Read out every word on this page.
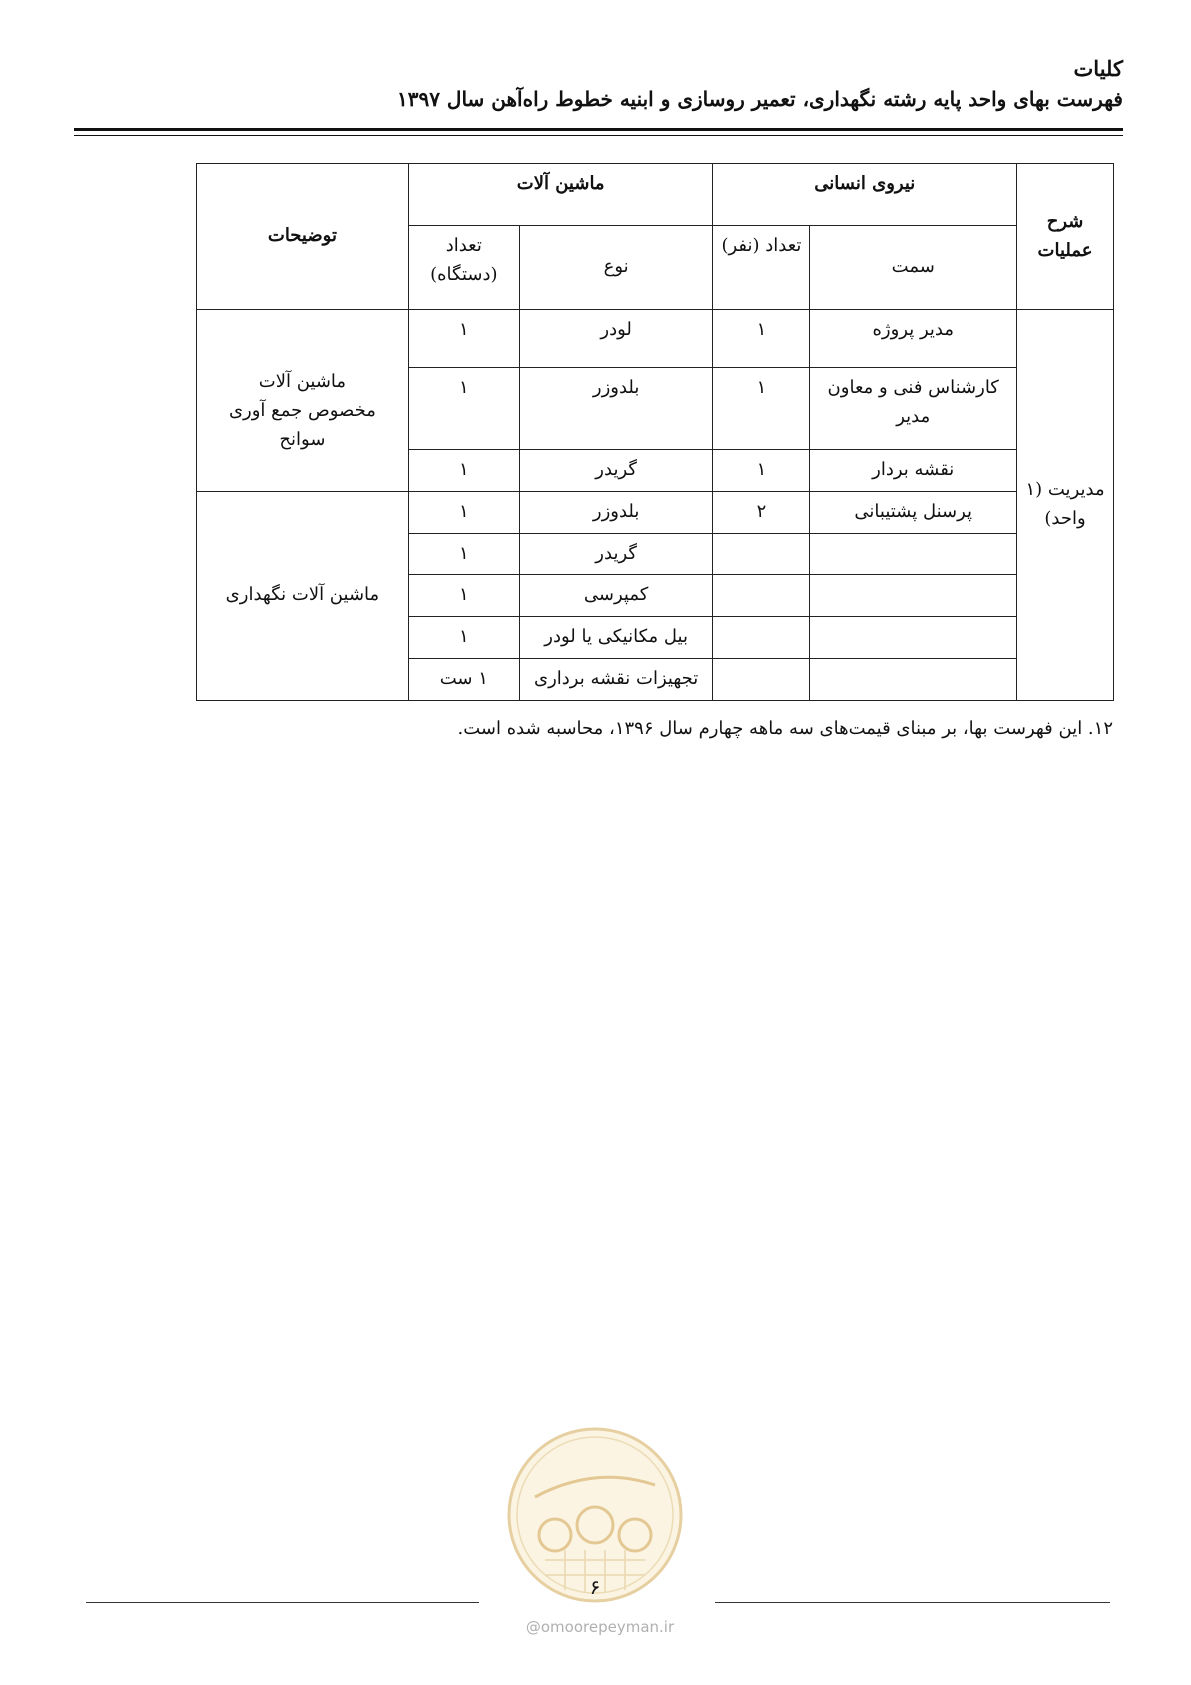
کلیات
فهرست بهای واحد پایه رشته نگهداری، تعمیر روسازی و ابنیه خطوط راه‌آهن سال ۱۳۹۷
شرح عملیات	نیروی انسانی		ماشین آلات		توضیحات
	سمت	تعداد (نفر)	نوع	تعداد (دستگاه)	
مدیریت (۱ واحد)	مدیر پروژه	۱	لودر	۱	ماشین آلات مخصوص جمع آوری سوانح
	کارشناس فنی و معاون مدیر	۱	بلدوزر	۱	
	نقشه بردار	۱	گریدر	۱	
	پرسنل پشتیبانی	۲	بلدوزر	۱	ماشین آلات نگهداری
			گریدر	۱	
			کمپرسی	۱	
			بیل مکانیکی یا لودر	۱	
			تجهیزات نقشه برداری	۱ ست	
۱۲. این فهرست بها، بر مبنای قیمت‌های سه ماهه چهارم سال ۱۳۹۶، محاسبه شده است.
۶
@omoorepeyman.ir
